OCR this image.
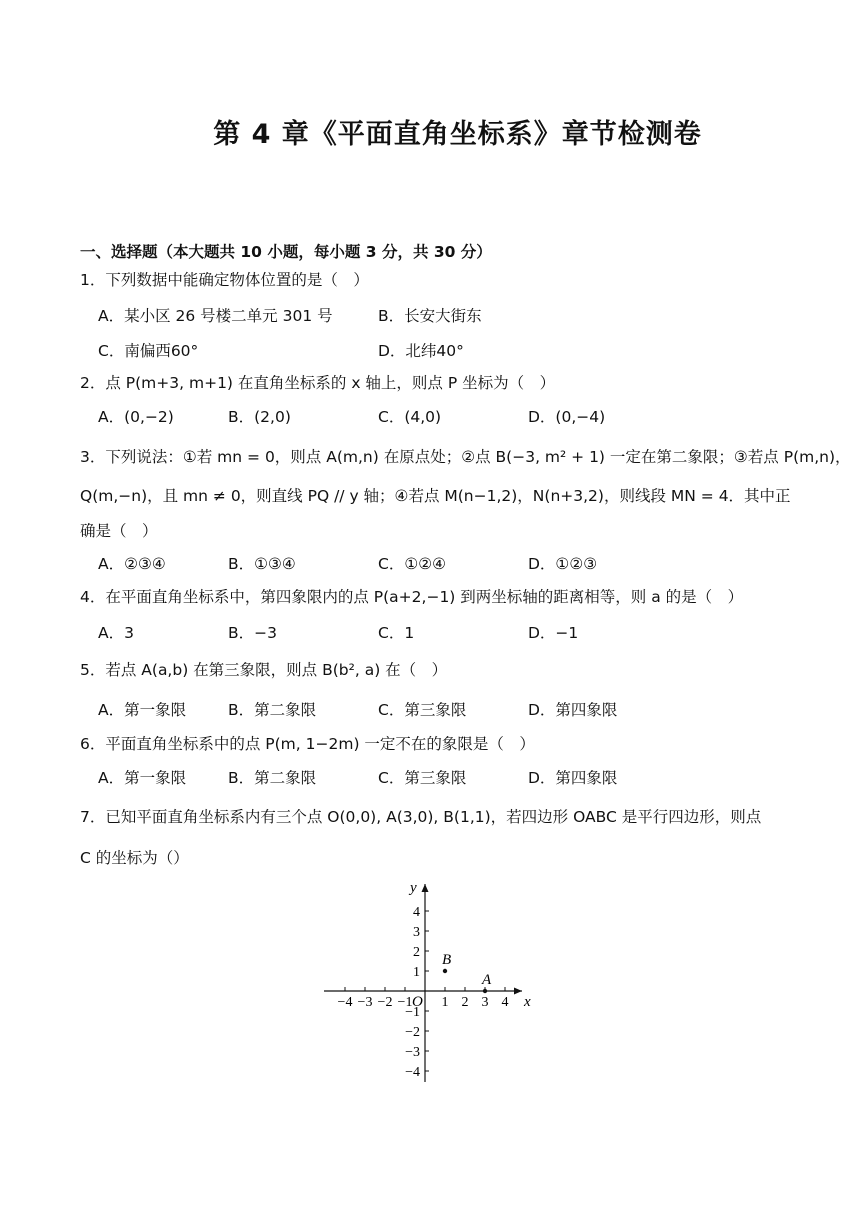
第 4 章《平面直角坐标系》章节检测卷
一、选择题（本大题共 10 小题，每小题 3 分，共 30 分）
1．下列数据中能确定物体位置的是（　）
A．某小区 26 号楼二单元 301 号	B．长安大街东
C．南偏西60°	D．北纬40°
2．点 P(m+3, m+1) 在直角坐标系的 x 轴上，则点 P 坐标为（　）
A．(0,−2)	B．(2,0)	C．(4,0)	D．(0,−4)
3．下列说法：①若 mn = 0，则点 A(m,n) 在原点处；②点 B(−3, m² + 1) 一定在第二象限；③若点 P(m,n)，
Q(m,−n)，且 mn ≠ 0，则直线 PQ // y 轴；④若点 M(n−1,2)，N(n+3,2)，则线段 MN = 4．其中正
确是（　）
A．②③④	B．①③④	C．①②④	D．①②③
4．在平面直角坐标系中，第四象限内的点 P(a+2,−1) 到两坐标轴的距离相等，则 a 的是（　）
A．3	B．−3	C．1	D．−1
5．若点 A(a,b) 在第三象限，则点 B(b², a) 在（　）
A．第一象限	B．第二象限	C．第三象限	D．第四象限
6．平面直角坐标系中的点 P(m, 1−2m) 一定不在的象限是（　）
A．第一象限	B．第二象限	C．第三象限	D．第四象限
7．已知平面直角坐标系内有三个点 O(0,0), A(3,0), B(1,1)，若四边形 OABC 是平行四边形，则点
C 的坐标为（）
x
y
O
−4 −3 −2 −1 1 2 3 4
4
3
2
1
−1
−2
−3
−4
B
A
